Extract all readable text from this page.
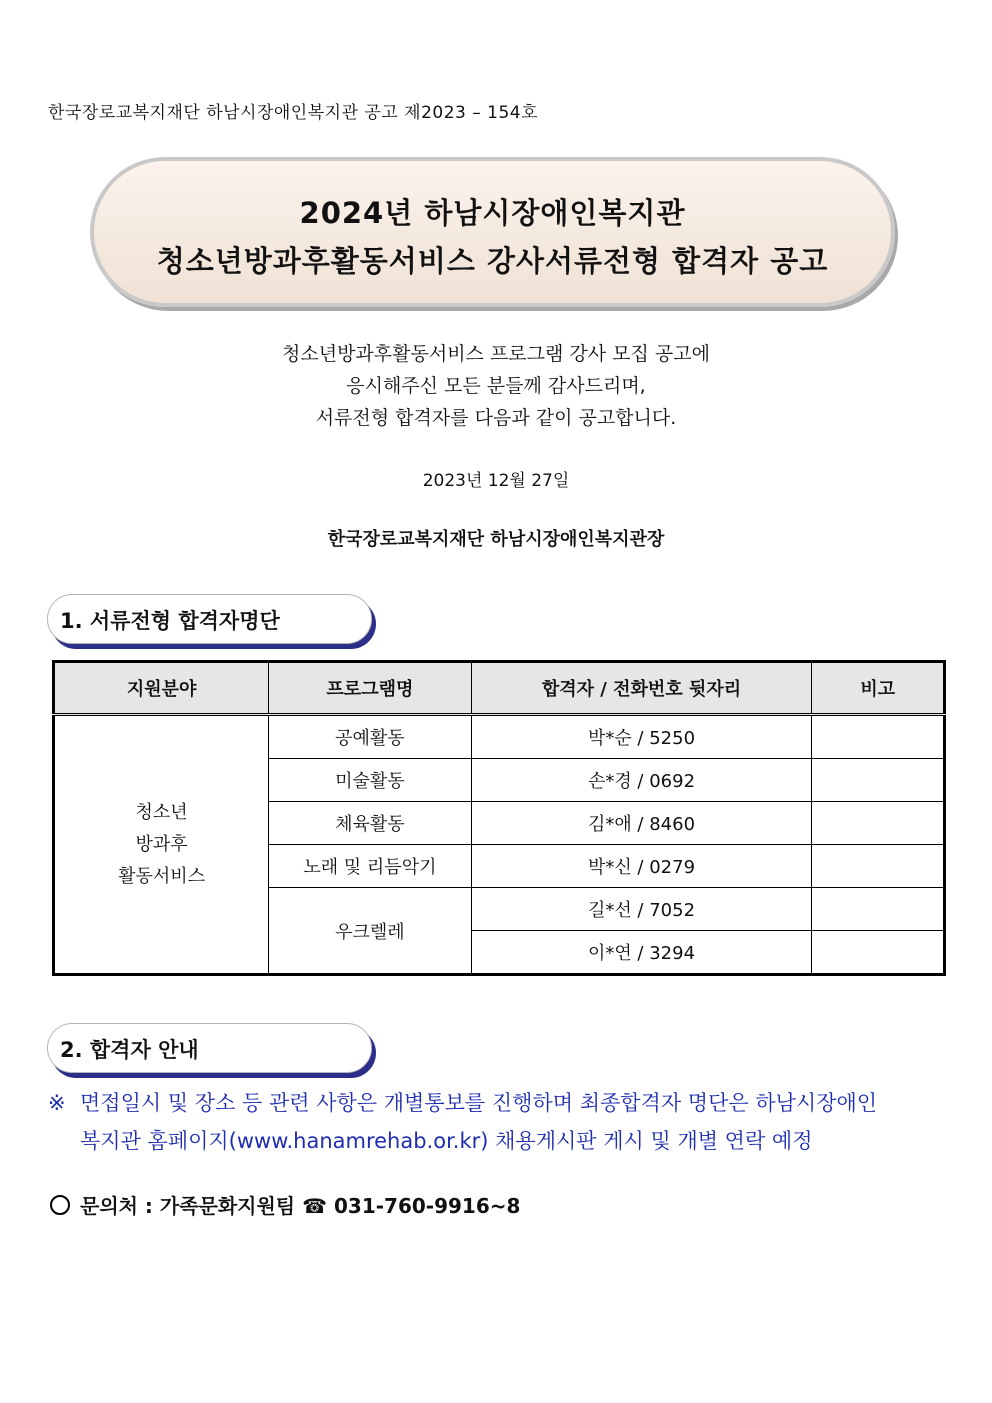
한국장로교복지재단 하남시장애인복지관 공고 제2023 – 154호
2024년 하남시장애인복지관
청소년방과후활동서비스 강사서류전형 합격자 공고
청소년방과후활동서비스 프로그램 강사 모집 공고에
응시해주신 모든 분들께 감사드리며,
서류전형 합격자를 다음과 같이 공고합니다.
2023년 12월 27일
한국장로교복지재단 하남시장애인복지관장
1. 서류전형 합격자명단
지원분야	프로그램명	합격자 / 전화번호 뒷자리	비고

청소년
방과후
활동서비스	공예활동	박*순 / 5250	
	미술활동	손*경 / 0692	
	체육활동	김*애 / 8460	
	노래 및 리듬악기	박*신 / 0279	
	우크렐레	길*선 / 7052	
		이*연 / 3294	
2. 합격자 안내
※ 면접일시 및 장소 등 관련 사항은 개별통보를 진행하며 최종합격자 명단은 하남시장애인
복지관 홈페이지(www.hanamrehab.or.kr) 채용게시판 게시 및 개별 연락 예정
문의처 : 가족문화지원팀 ☎ 031-760-9916~8
